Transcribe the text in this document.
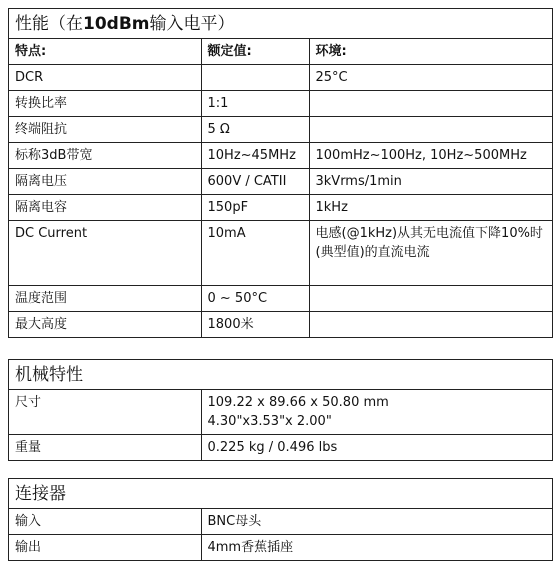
性能（在10dBm输入电平）
特点:	额定值:	环境:
DCR		25°C
转换比率	1:1	
终端阻抗	5 Ω	
标称3dB带宽	10Hz~45MHz	100mHz~100Hz, 10Hz~500MHz
隔离电压	600V / CATII	3kVrms/1min
隔离电容	150pF	1kHz
DC Current	10mA	电感(@1kHz)从其无电流值下降10%时(典型值)的直流电流
温度范围	0 ~ 50°C	
最大高度	1800米	
机械特性
尺寸	109.22 x 89.66 x 50.80 mm
4.30"x3.53"x 2.00"

重量	0.225 kg / 0.496 lbs
连接器
输入	BNC母头
输出	4mm香蕉插座
